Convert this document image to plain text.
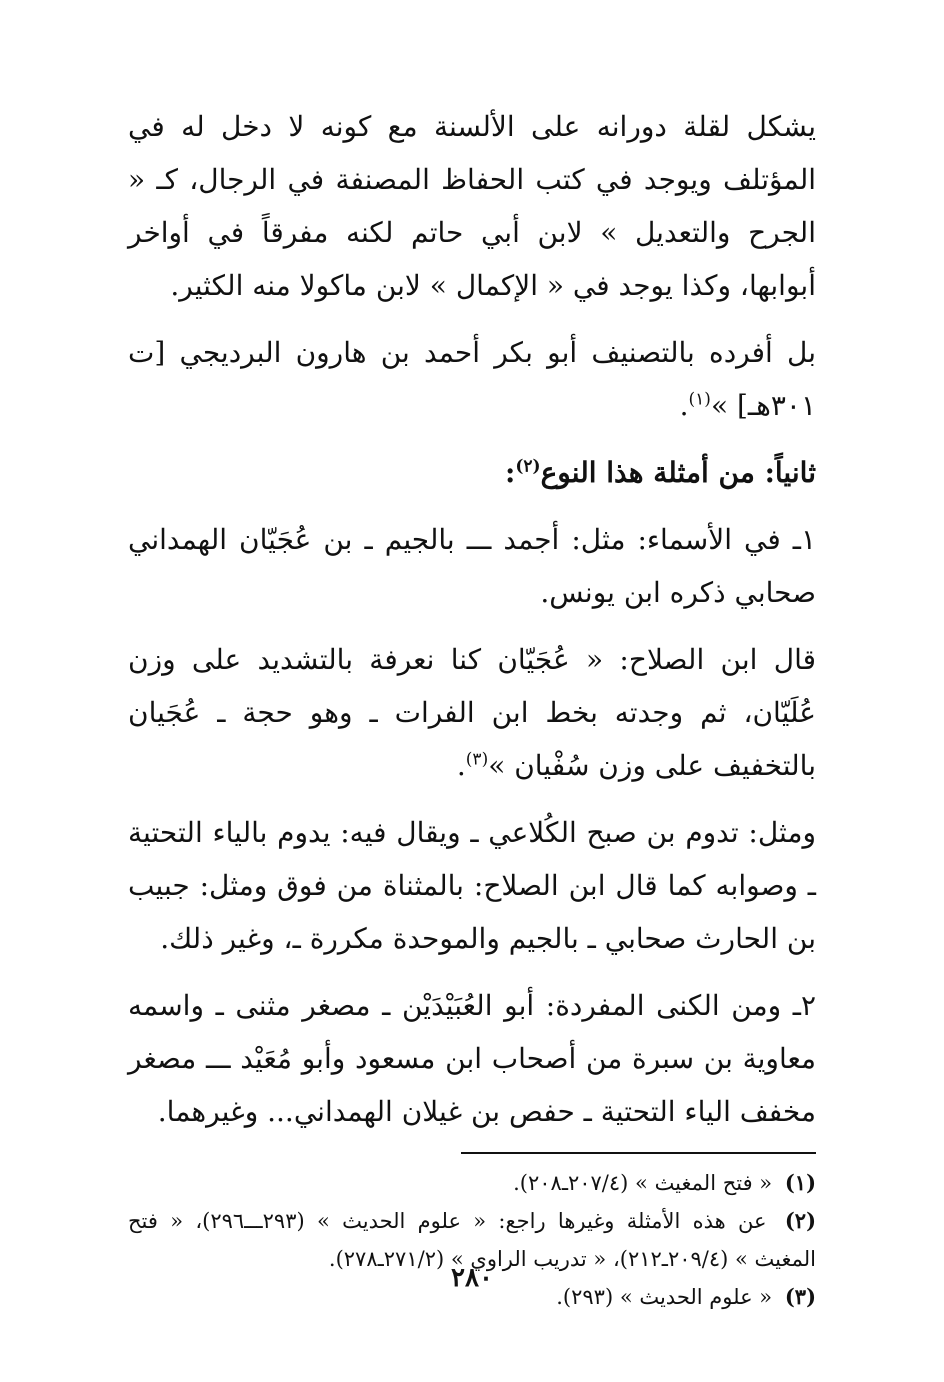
يشكل لقلة دورانه على الألسنة مع كونه لا دخل له في المؤتلف ويوجد في كتب الحفاظ المصنفة في الرجال، كـ « الجرح والتعديل » لابن أبي حاتم لكنه مفرقاً في أواخر أبوابها، وكذا يوجد في « الإكمال » لابن ماكولا منه الكثير.

بل أفرده بالتصنيف أبو بكر أحمد بن هارون البرديجي [ت ٣٠١هـ] »$^{(١)}$.

ثانياً: من أمثلة هذا النوع$^{(٢)}$:

١ـ في الأسماء: مثل: أجمد ـــ بالجيم ـ بن عُجَيّان الهمداني صحابي ذكره ابن يونس.

قال ابن الصلاح: « عُجَيّان كنا نعرفة بالتشديد على وزن عُلَيّان، ثم وجدته بخط ابن الفرات ـ وهو حجة ـ عُجَيان بالتخفيف على وزن سُفْيان »$^{(٣)}$.

ومثل: تدوم بن صبح الكُلاعي ـ ويقال فيه: يدوم بالياء التحتية ـ وصوابه كما قال ابن الصلاح: بالمثناة من فوق ومثل: جبيب بن الحارث صحابي ـ بالجيم والموحدة مكررة ـ، وغير ذلك.

٢ـ ومن الكنى المفردة: أبو العُبَيْدَيْن ـ مصغر مثنى ـ واسمه معاوية بن سبرة من أصحاب ابن مسعود وأبو مُعَيْد ـــ مصغر مخفف الياء التحتية ـ حفص بن غيلان الهمداني... وغيرهما.

(١) « فتح المغيث » (٢٠٧/٤ـ٢٠٨).

(٢) عن هذه الأمثلة وغيرها راجع: « علوم الحديث » (٢٩٣ـــ٢٩٦)، « فتح المغيث » (٢٠٩/٤ـ٢١٢)، « تدريب الراوي » (٢٧١/٢ـ٢٧٨).

(٣) « علوم الحديث » (٢٩٣).

٢٨٠
